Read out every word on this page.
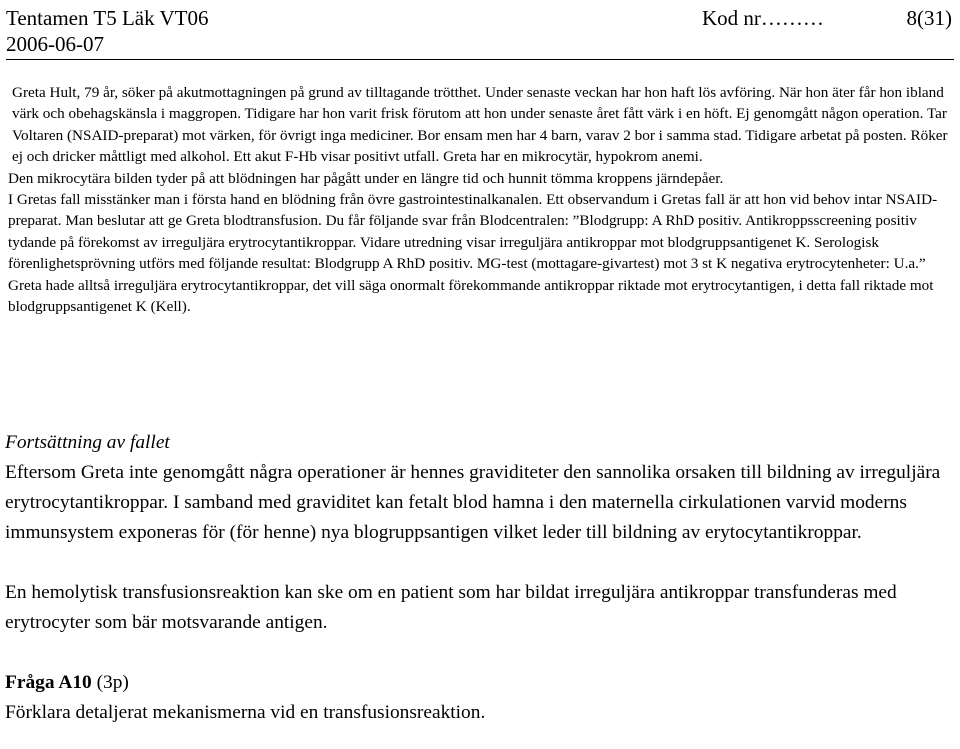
Tentamen T5 Läk VT06	Kod nr………	8(31)
2006-06-07

Greta Hult, 79 år, söker på akutmottagningen på grund av tilltagande trötthet. Under senaste veckan har hon haft lös avföring. När hon äter får hon ibland värk och obehagskänsla i maggropen. Tidigare har hon varit frisk förutom att hon under senaste året fått värk i en höft. Ej genomgått någon operation. Tar Voltaren (NSAID-preparat) mot värken, för övrigt inga mediciner. Bor ensam men har 4 barn, varav 2 bor i samma stad. Tidigare arbetat på posten. Röker ej och dricker måttligt med alkohol. Ett akut F-Hb visar positivt utfall. Greta har en mikrocytär, hypokrom anemi.

Den mikrocytära bilden tyder på att blödningen har pågått under en längre tid och hunnit tömma kroppens järndepåer.

I Gretas fall misstänker man i första hand en blödning från övre gastrointestinalkanalen. Ett observandum i Gretas fall är att hon vid behov intar NSAID-preparat. Man beslutar att ge Greta blodtransfusion. Du får följande svar från Blodcentralen: ”Blodgrupp: A RhD positiv. Antikroppsscreening positiv tydande på förekomst av irreguljära erytrocytantikroppar. Vidare utredning visar irreguljära antikroppar mot blodgruppsantigenet K. Serologisk förenlighetsprövning utförs med följande resultat: Blodgrupp A RhD positiv. MG-test (mottagare-givartest) mot 3 st K negativa erytrocytenheter: U.a.” Greta hade alltså irreguljära erytrocytantikroppar, det vill säga onormalt förekommande antikroppar riktade mot erytrocytantigen, i detta fall riktade mot blodgruppsantigenet K (Kell).

Fortsättning av fallet

Eftersom Greta inte genomgått några operationer är hennes graviditeter den sannolika orsaken till bildning av irreguljära erytrocytantikroppar. I samband med graviditet kan fetalt blod hamna i den maternella cirkulationen varvid moderns immunsystem exponeras för (för henne) nya blogruppsantigen vilket leder till bildning av erytocytantikroppar.

En hemolytisk transfusionsreaktion kan ske om en patient som har bildat irreguljära antikroppar transfunderas med erytrocyter som bär motsvarande antigen.

Fråga A10 (3p)

Förklara detaljerat mekanismerna vid en transfusionsreaktion.
